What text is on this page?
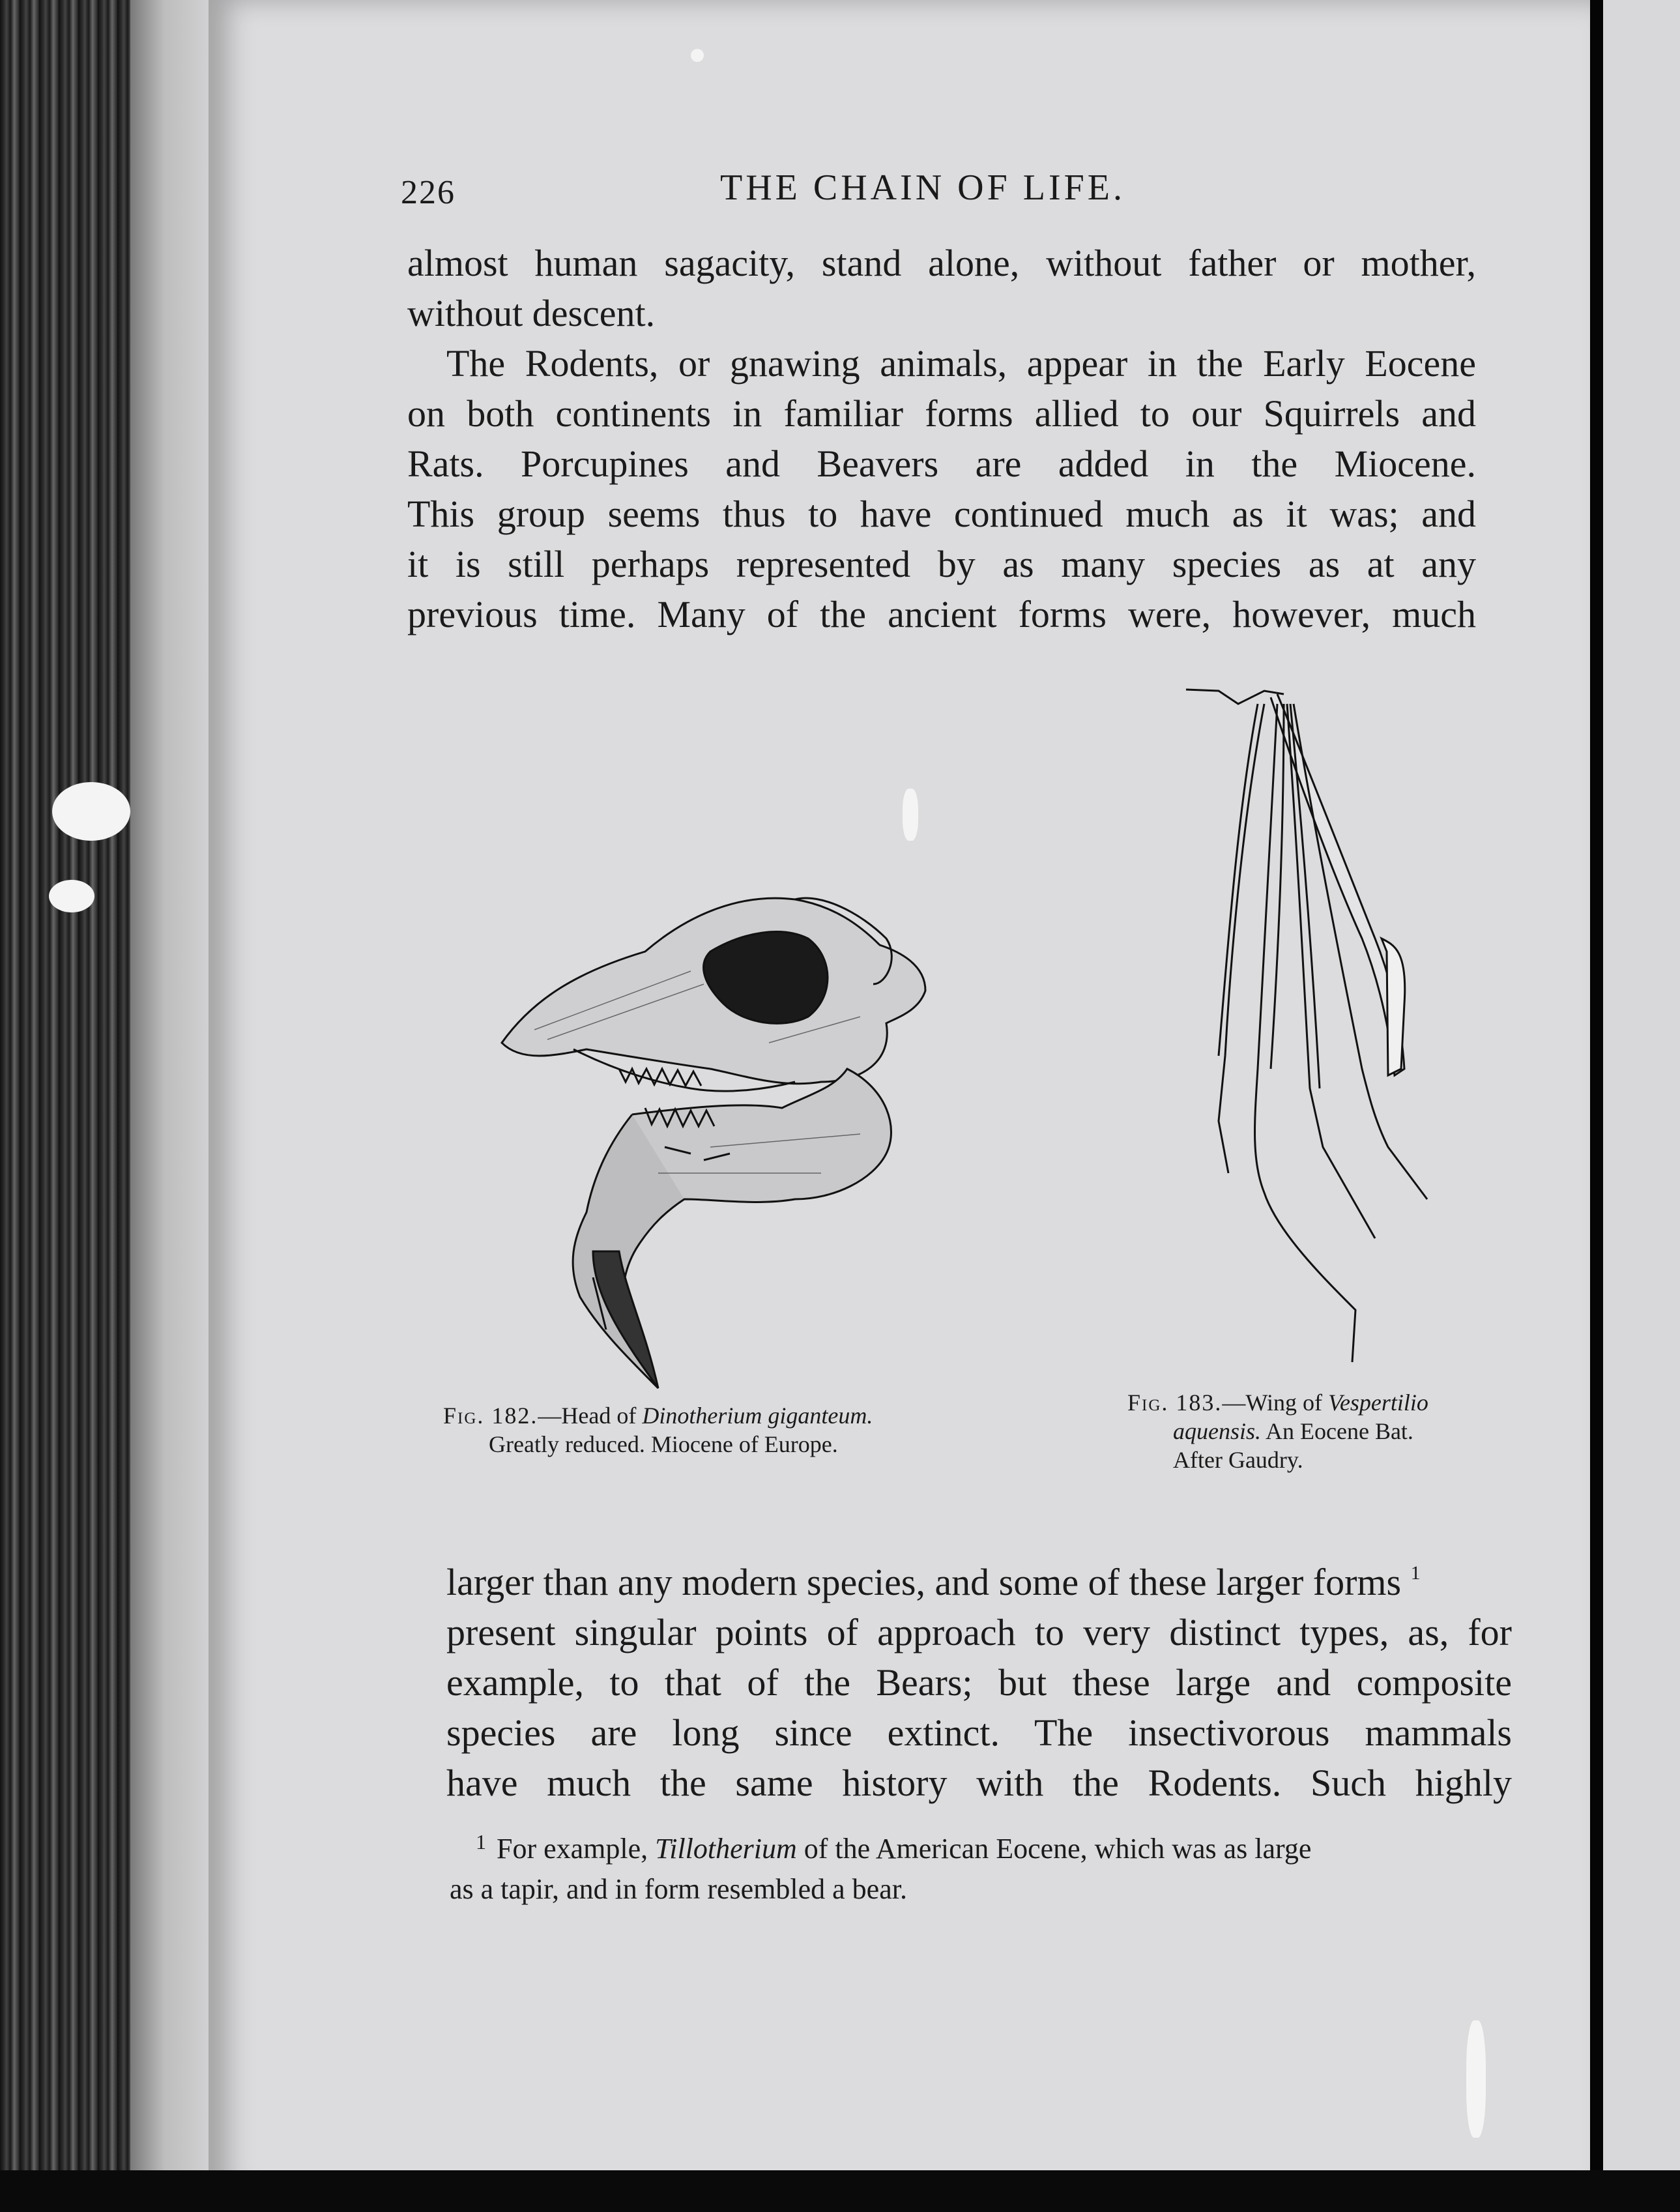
226	THE CHAIN OF LIFE.
almost human sagacity, stand alone, without father or mother,
without descent.
The Rodents, or gnawing animals, appear in the Early Eocene
on both continents in familiar forms allied to our Squirrels and
Rats. Porcupines and Beavers are added in the Miocene.
This group seems thus to have continued much as it was; and
it is still perhaps represented by as many species as at any
previous time. Many of the ancient forms were, however, much
Fig. 182.—Head of Dinotherium giganteum.
Greatly reduced. Miocene of Europe.
Fig. 183.—Wing of Vespertilio
aquensis. An Eocene Bat.
After Gaudry.
larger than any modern species, and some of these larger forms $^1$
present singular points of approach to very distinct types, as, for
example, to that of the Bears; but these large and composite
species are long since extinct. The insectivorous mammals
have much the same history with the Rodents. Such highly
$^1$ For example, Tillotherium of the American Eocene, which was as large
as a tapir, and in form resembled a bear.
